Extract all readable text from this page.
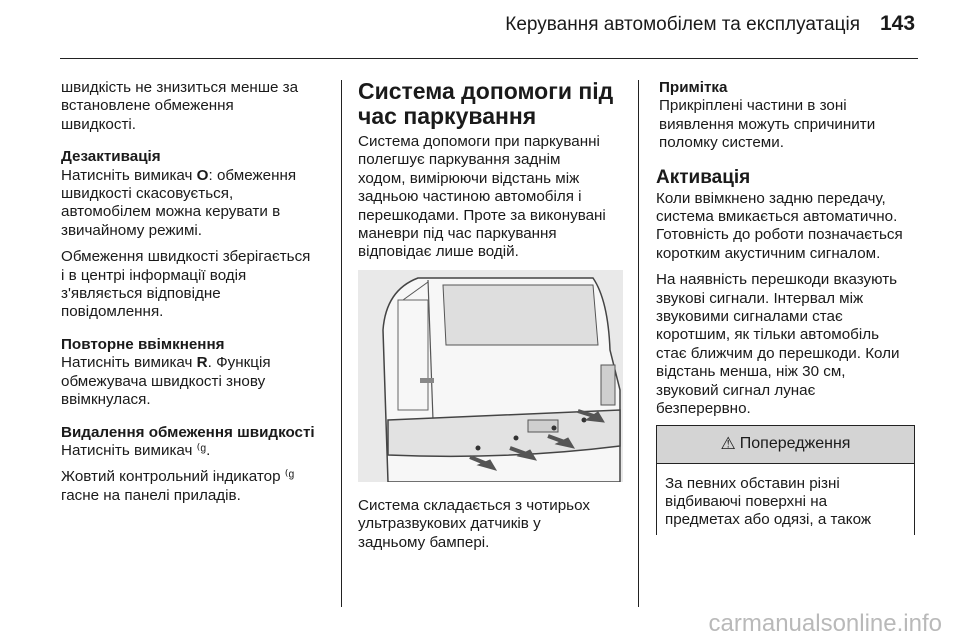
Керування автомобілем та експлуатація 143
швидкість не знизиться менше за
встановлене обмеження
швидкості.
Дезактивація

Натисніть вимикач O: обмеження
швидкості скасовується,
автомобілем можна керувати в
звичайному режимі.

Обмеження швидкості зберігається
і в центрі інформації водія
з'являється відповідне
повідомлення.

Повторне ввімкнення

Натисніть вимикач R. Функція
обмежувача швидкості знову
ввімкнулася.

Видалення обмеження швидкості

Натисніть вимикач ⁽ᵍ.

Жовтий контрольний індикатор ⁽ᵍ
гасне на панелі приладів.

Система допомоги під
час паркування

Система допомоги при паркуванні
полегшує паркування заднім
ходом, вимірюючи відстань між
задньою частиною автомобіля і
перешкодами. Проте за виконувані
маневри під час паркування
відповідає лише водій.

Система складається з чотирьох
ультразвукових датчиків у
задньому бампері.

Примітка
Прикріплені частини в зоні
виявлення можуть спричинити
поломку системи.
Активація

Коли ввімкнено задню передачу,
система вмикається автоматично.
Готовність до роботи позначається
коротким акустичним сигналом.

На наявність перешкоди вказують
звукові сигнали. Інтервал між
звуковими сигналами стає
коротшим, як тільки автомобіль
стає ближчим до перешкоди. Коли
відстань менша, ніж 30 см,
звуковий сигнал лунає
безперервно.

⚠ Попередження
За певних обставин різні
відбиваючі поверхні на
предметах або одязі, а також
carmanualsonline.info
